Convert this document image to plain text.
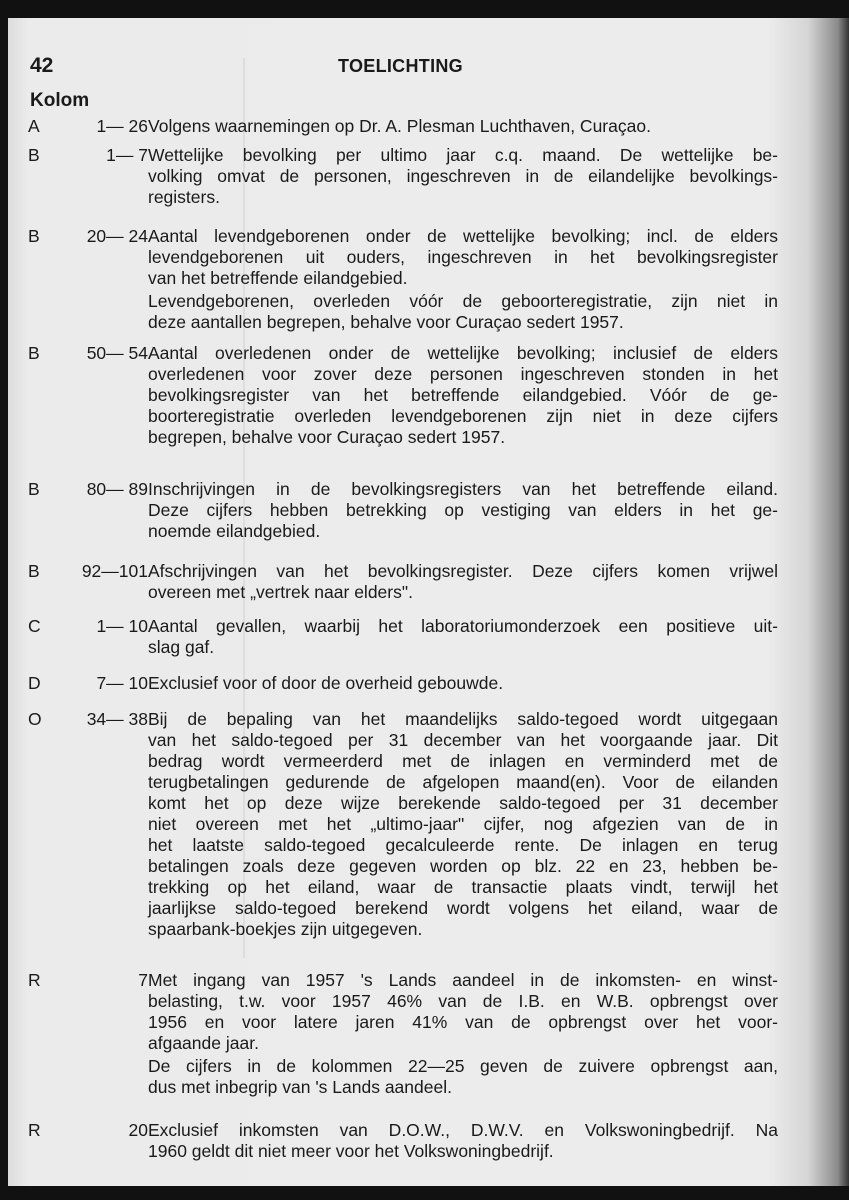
42	TOELICHTING
Kolom
A	1— 26 Volgens waarnemingen op Dr. A. Plesman Luchthaven, Curaçao.
B	1— 7 Wettelijke bevolking per ultimo jaar c.q. maand. De wettelijke be-
volking omvat de personen, ingeschreven in de eilandelijke bevolkings-
registers.
B	20— 24 Aantal levendgeborenen onder de wettelijke bevolking; incl. de elders
levendgeborenen uit ouders, ingeschreven in het bevolkingsregister
van het betreffende eilandgebied.
Levendgeborenen, overleden vóór de geboorteregistratie, zijn niet in
deze aantallen begrepen, behalve voor Curaçao sedert 1957.
B	50— 54 Aantal overledenen onder de wettelijke bevolking; inclusief de elders
overledenen voor zover deze personen ingeschreven stonden in het
bevolkingsregister van het betreffende eilandgebied. Vóór de ge-
boorteregistratie overleden levendgeborenen zijn niet in deze cijfers
begrepen, behalve voor Curaçao sedert 1957.
B	80— 89 Inschrijvingen in de bevolkingsregisters van het betreffende eiland.
Deze cijfers hebben betrekking op vestiging van elders in het ge-
noemde eilandgebied.
B	92—101 Afschrijvingen van het bevolkingsregister. Deze cijfers komen vrijwel
overeen met „vertrek naar elders".
C	1— 10 Aantal gevallen, waarbij het laboratoriumonderzoek een positieve uit-
slag gaf.
D	7— 10 Exclusief voor of door de overheid gebouwde.
O	34— 38 Bij de bepaling van het maandelijks saldo-tegoed wordt uitgegaan
van het saldo-tegoed per 31 december van het voorgaande jaar. Dit
bedrag wordt vermeerderd met de inlagen en verminderd met de
terugbetalingen gedurende de afgelopen maand(en). Voor de eilanden
komt het op deze wijze berekende saldo-tegoed per 31 december
niet overeen met het „ultimo-jaar" cijfer, nog afgezien van de in
het laatste saldo-tegoed gecalculeerde rente. De inlagen en terug
betalingen zoals deze gegeven worden op blz. 22 en 23, hebben be-
trekking op het eiland, waar de transactie plaats vindt, terwijl het
jaarlijkse saldo-tegoed berekend wordt volgens het eiland, waar de
spaarbank-boekjes zijn uitgegeven.
R	7 Met ingang van 1957 's Lands aandeel in de inkomsten- en winst-
belasting, t.w. voor 1957 46% van de I.B. en W.B. opbrengst over
1956 en voor latere jaren 41% van de opbrengst over het voor-
afgaande jaar.
De cijfers in de kolommen 22—25 geven de zuivere opbrengst aan,
dus met inbegrip van 's Lands aandeel.
R	20 Exclusief inkomsten van D.O.W., D.W.V. en Volkswoningbedrijf. Na
1960 geldt dit niet meer voor het Volkswoningbedrijf.
